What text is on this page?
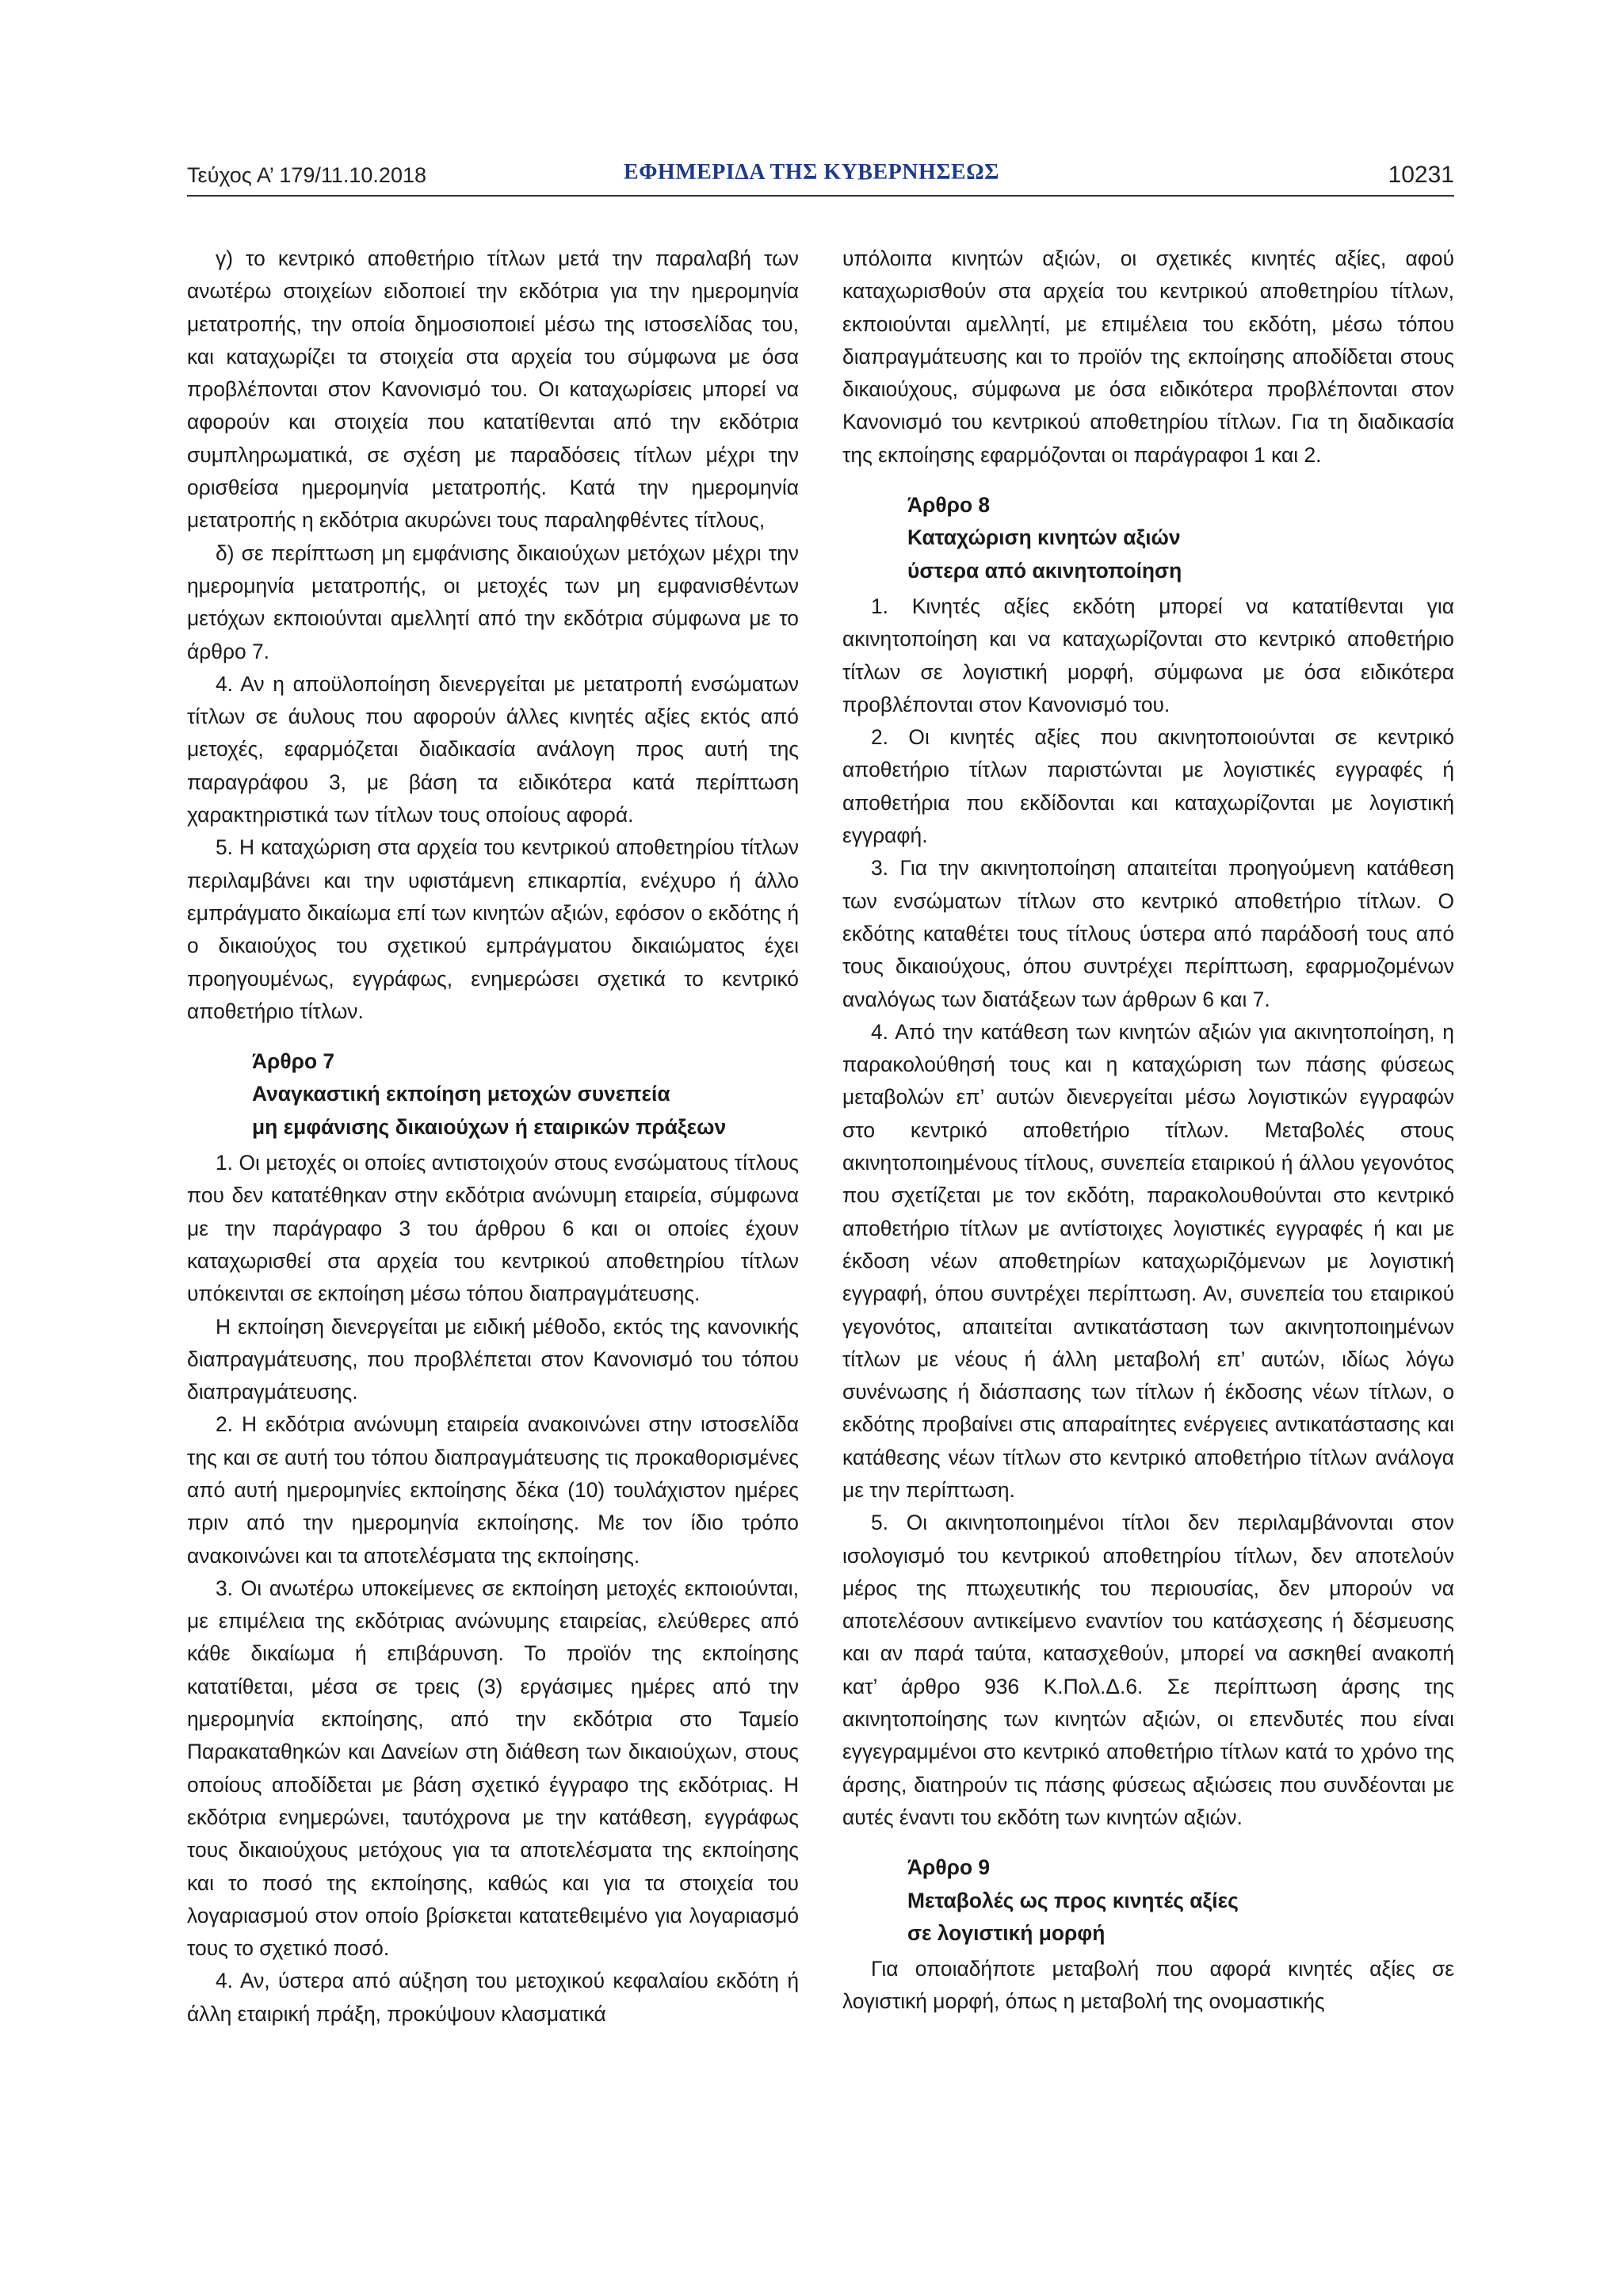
Τεύχος Α’ 179/11.10.2018	ΕΦΗΜΕΡΙΔΑ ΤΗΣ ΚΥΒΕΡΝΗΣΕΩΣ	10231

γ) το κεντρικό αποθετήριο τίτλων μετά την παραλαβή των ανωτέρω στοιχείων ειδοποιεί την εκδότρια για την ημερομηνία μετατροπής, την οποία δημοσιοποιεί μέσω της ιστοσελίδας του, και καταχωρίζει τα στοιχεία στα αρχεία του σύμφωνα με όσα προβλέπονται στον Κανονισμό του. Οι καταχωρίσεις μπορεί να αφορούν και στοιχεία που κατατίθενται από την εκδότρια συμπληρωματικά, σε σχέση με παραδόσεις τίτλων μέχρι την ορισθείσα ημερομηνία μετατροπής. Κατά την ημερομηνία μετατροπής η εκδότρια ακυρώνει τους παραληφθέντες τίτλους,

δ) σε περίπτωση μη εμφάνισης δικαιούχων μετόχων μέχρι την ημερομηνία μετατροπής, οι μετοχές των μη εμφανισθέντων μετόχων εκποιούνται αμελλητί από την εκδότρια σύμφωνα με το άρθρο 7.

4. Αν η αποϋλοποίηση διενεργείται με μετατροπή ενσώματων τίτλων σε άυλους που αφορούν άλλες κινητές αξίες εκτός από μετοχές, εφαρμόζεται διαδικασία ανάλογη προς αυτή της παραγράφου 3, με βάση τα ειδικότερα κατά περίπτωση χαρακτηριστικά των τίτλων τους οποίους αφορά.

5. Η καταχώριση στα αρχεία του κεντρικού αποθετηρίου τίτλων περιλαμβάνει και την υφιστάμενη επικαρπία, ενέχυρο ή άλλο εμπράγματο δικαίωμα επί των κινητών αξιών, εφόσον ο εκδότης ή ο δικαιούχος του σχετικού εμπράγματου δικαιώματος έχει προηγουμένως, εγγράφως, ενημερώσει σχετικά το κεντρικό αποθετήριο τίτλων.

Άρθρο 7
Αναγκαστική εκποίηση μετοχών συνεπεία
μη εμφάνισης δικαιούχων ή εταιρικών πράξεων

1. Οι μετοχές οι οποίες αντιστοιχούν στους ενσώματους τίτλους που δεν κατατέθηκαν στην εκδότρια ανώνυμη εταιρεία, σύμφωνα με την παράγραφο 3 του άρθρου 6 και οι οποίες έχουν καταχωρισθεί στα αρχεία του κεντρικού αποθετηρίου τίτλων υπόκεινται σε εκποίηση μέσω τόπου διαπραγμάτευσης.

Η εκποίηση διενεργείται με ειδική μέθοδο, εκτός της κανονικής διαπραγμάτευσης, που προβλέπεται στον Κανονισμό του τόπου διαπραγμάτευσης.

2. Η εκδότρια ανώνυμη εταιρεία ανακοινώνει στην ιστοσελίδα της και σε αυτή του τόπου διαπραγμάτευσης τις προκαθορισμένες από αυτή ημερομηνίες εκποίησης δέκα (10) τουλάχιστον ημέρες πριν από την ημερομηνία εκποίησης. Με τον ίδιο τρόπο ανακοινώνει και τα αποτελέσματα της εκποίησης.

3. Οι ανωτέρω υποκείμενες σε εκποίηση μετοχές εκποιούνται, με επιμέλεια της εκδότριας ανώνυμης εταιρείας, ελεύθερες από κάθε δικαίωμα ή επιβάρυνση. Το προϊόν της εκποίησης κατατίθεται, μέσα σε τρεις (3) εργάσιμες ημέρες από την ημερομηνία εκποίησης, από την εκδότρια στο Ταμείο Παρακαταθηκών και Δανείων στη διάθεση των δικαιούχων, στους οποίους αποδίδεται με βάση σχετικό έγγραφο της εκδότριας. Η εκδότρια ενημερώνει, ταυτόχρονα με την κατάθεση, εγγράφως τους δικαιούχους μετόχους για τα αποτελέσματα της εκποίησης και το ποσό της εκποίησης, καθώς και για τα στοιχεία του λογαριασμού στον οποίο βρίσκεται κατατεθειμένο για λογαριασμό τους το σχετικό ποσό.

4. Αν, ύστερα από αύξηση του μετοχικού κεφαλαίου εκδότη ή άλλη εταιρική πράξη, προκύψουν κλασματικά

υπόλοιπα κινητών αξιών, οι σχετικές κινητές αξίες, αφού καταχωρισθούν στα αρχεία του κεντρικού αποθετηρίου τίτλων, εκποιούνται αμελλητί, με επιμέλεια του εκδότη, μέσω τόπου διαπραγμάτευσης και το προϊόν της εκποίησης αποδίδεται στους δικαιούχους, σύμφωνα με όσα ειδικότερα προβλέπονται στον Κανονισμό του κεντρικού αποθετηρίου τίτλων. Για τη διαδικασία της εκποίησης εφαρμόζονται οι παράγραφοι 1 και 2.

Άρθρο 8
Καταχώριση κινητών αξιών
ύστερα από ακινητοποίηση

1. Κινητές αξίες εκδότη μπορεί να κατατίθενται για ακινητοποίηση και να καταχωρίζονται στο κεντρικό αποθετήριο τίτλων σε λογιστική μορφή, σύμφωνα με όσα ειδικότερα προβλέπονται στον Κανονισμό του.

2. Οι κινητές αξίες που ακινητοποιούνται σε κεντρικό αποθετήριο τίτλων παριστώνται με λογιστικές εγγραφές ή αποθετήρια που εκδίδονται και καταχωρίζονται με λογιστική εγγραφή.

3. Για την ακινητοποίηση απαιτείται προηγούμενη κατάθεση των ενσώματων τίτλων στο κεντρικό αποθετήριο τίτλων. Ο εκδότης καταθέτει τους τίτλους ύστερα από παράδοσή τους από τους δικαιούχους, όπου συντρέχει περίπτωση, εφαρμοζομένων αναλόγως των διατάξεων των άρθρων 6 και 7.

4. Από την κατάθεση των κινητών αξιών για ακινητοποίηση, η παρακολούθησή τους και η καταχώριση των πάσης φύσεως μεταβολών επ’ αυτών διενεργείται μέσω λογιστικών εγγραφών στο κεντρικό αποθετήριο τίτλων. Μεταβολές στους ακινητοποιημένους τίτλους, συνεπεία εταιρικού ή άλλου γεγονότος που σχετίζεται με τον εκδότη, παρακολουθούνται στο κεντρικό αποθετήριο τίτλων με αντίστοιχες λογιστικές εγγραφές ή και με έκδοση νέων αποθετηρίων καταχωριζόμενων με λογιστική εγγραφή, όπου συντρέχει περίπτωση. Αν, συνεπεία του εταιρικού γεγονότος, απαιτείται αντικατάσταση των ακινητοποιημένων τίτλων με νέους ή άλλη μεταβολή επ’ αυτών, ιδίως λόγω συνένωσης ή διάσπασης των τίτλων ή έκδοσης νέων τίτλων, ο εκδότης προβαίνει στις απαραίτητες ενέργειες αντικατάστασης και κατάθεσης νέων τίτλων στο κεντρικό αποθετήριο τίτλων ανάλογα με την περίπτωση.

5. Οι ακινητοποιημένοι τίτλοι δεν περιλαμβάνονται στον ισολογισμό του κεντρικού αποθετηρίου τίτλων, δεν αποτελούν μέρος της πτωχευτικής του περιουσίας, δεν μπορούν να αποτελέσουν αντικείμενο εναντίον του κατάσχεσης ή δέσμευσης και αν παρά ταύτα, κατασχεθούν, μπορεί να ασκηθεί ανακοπή κατ’ άρθρο 936 Κ.Πολ.Δ.6. Σε περίπτωση άρσης της ακινητοποίησης των κινητών αξιών, οι επενδυτές που είναι εγγεγραμμένοι στο κεντρικό αποθετήριο τίτλων κατά το χρόνο της άρσης, διατηρούν τις πάσης φύσεως αξιώσεις που συνδέονται με αυτές έναντι του εκδότη των κινητών αξιών.

Άρθρο 9
Μεταβολές ως προς κινητές αξίες
σε λογιστική μορφή

Για οποιαδήποτε μεταβολή που αφορά κινητές αξίες σε λογιστική μορφή, όπως η μεταβολή της ονομαστικής
